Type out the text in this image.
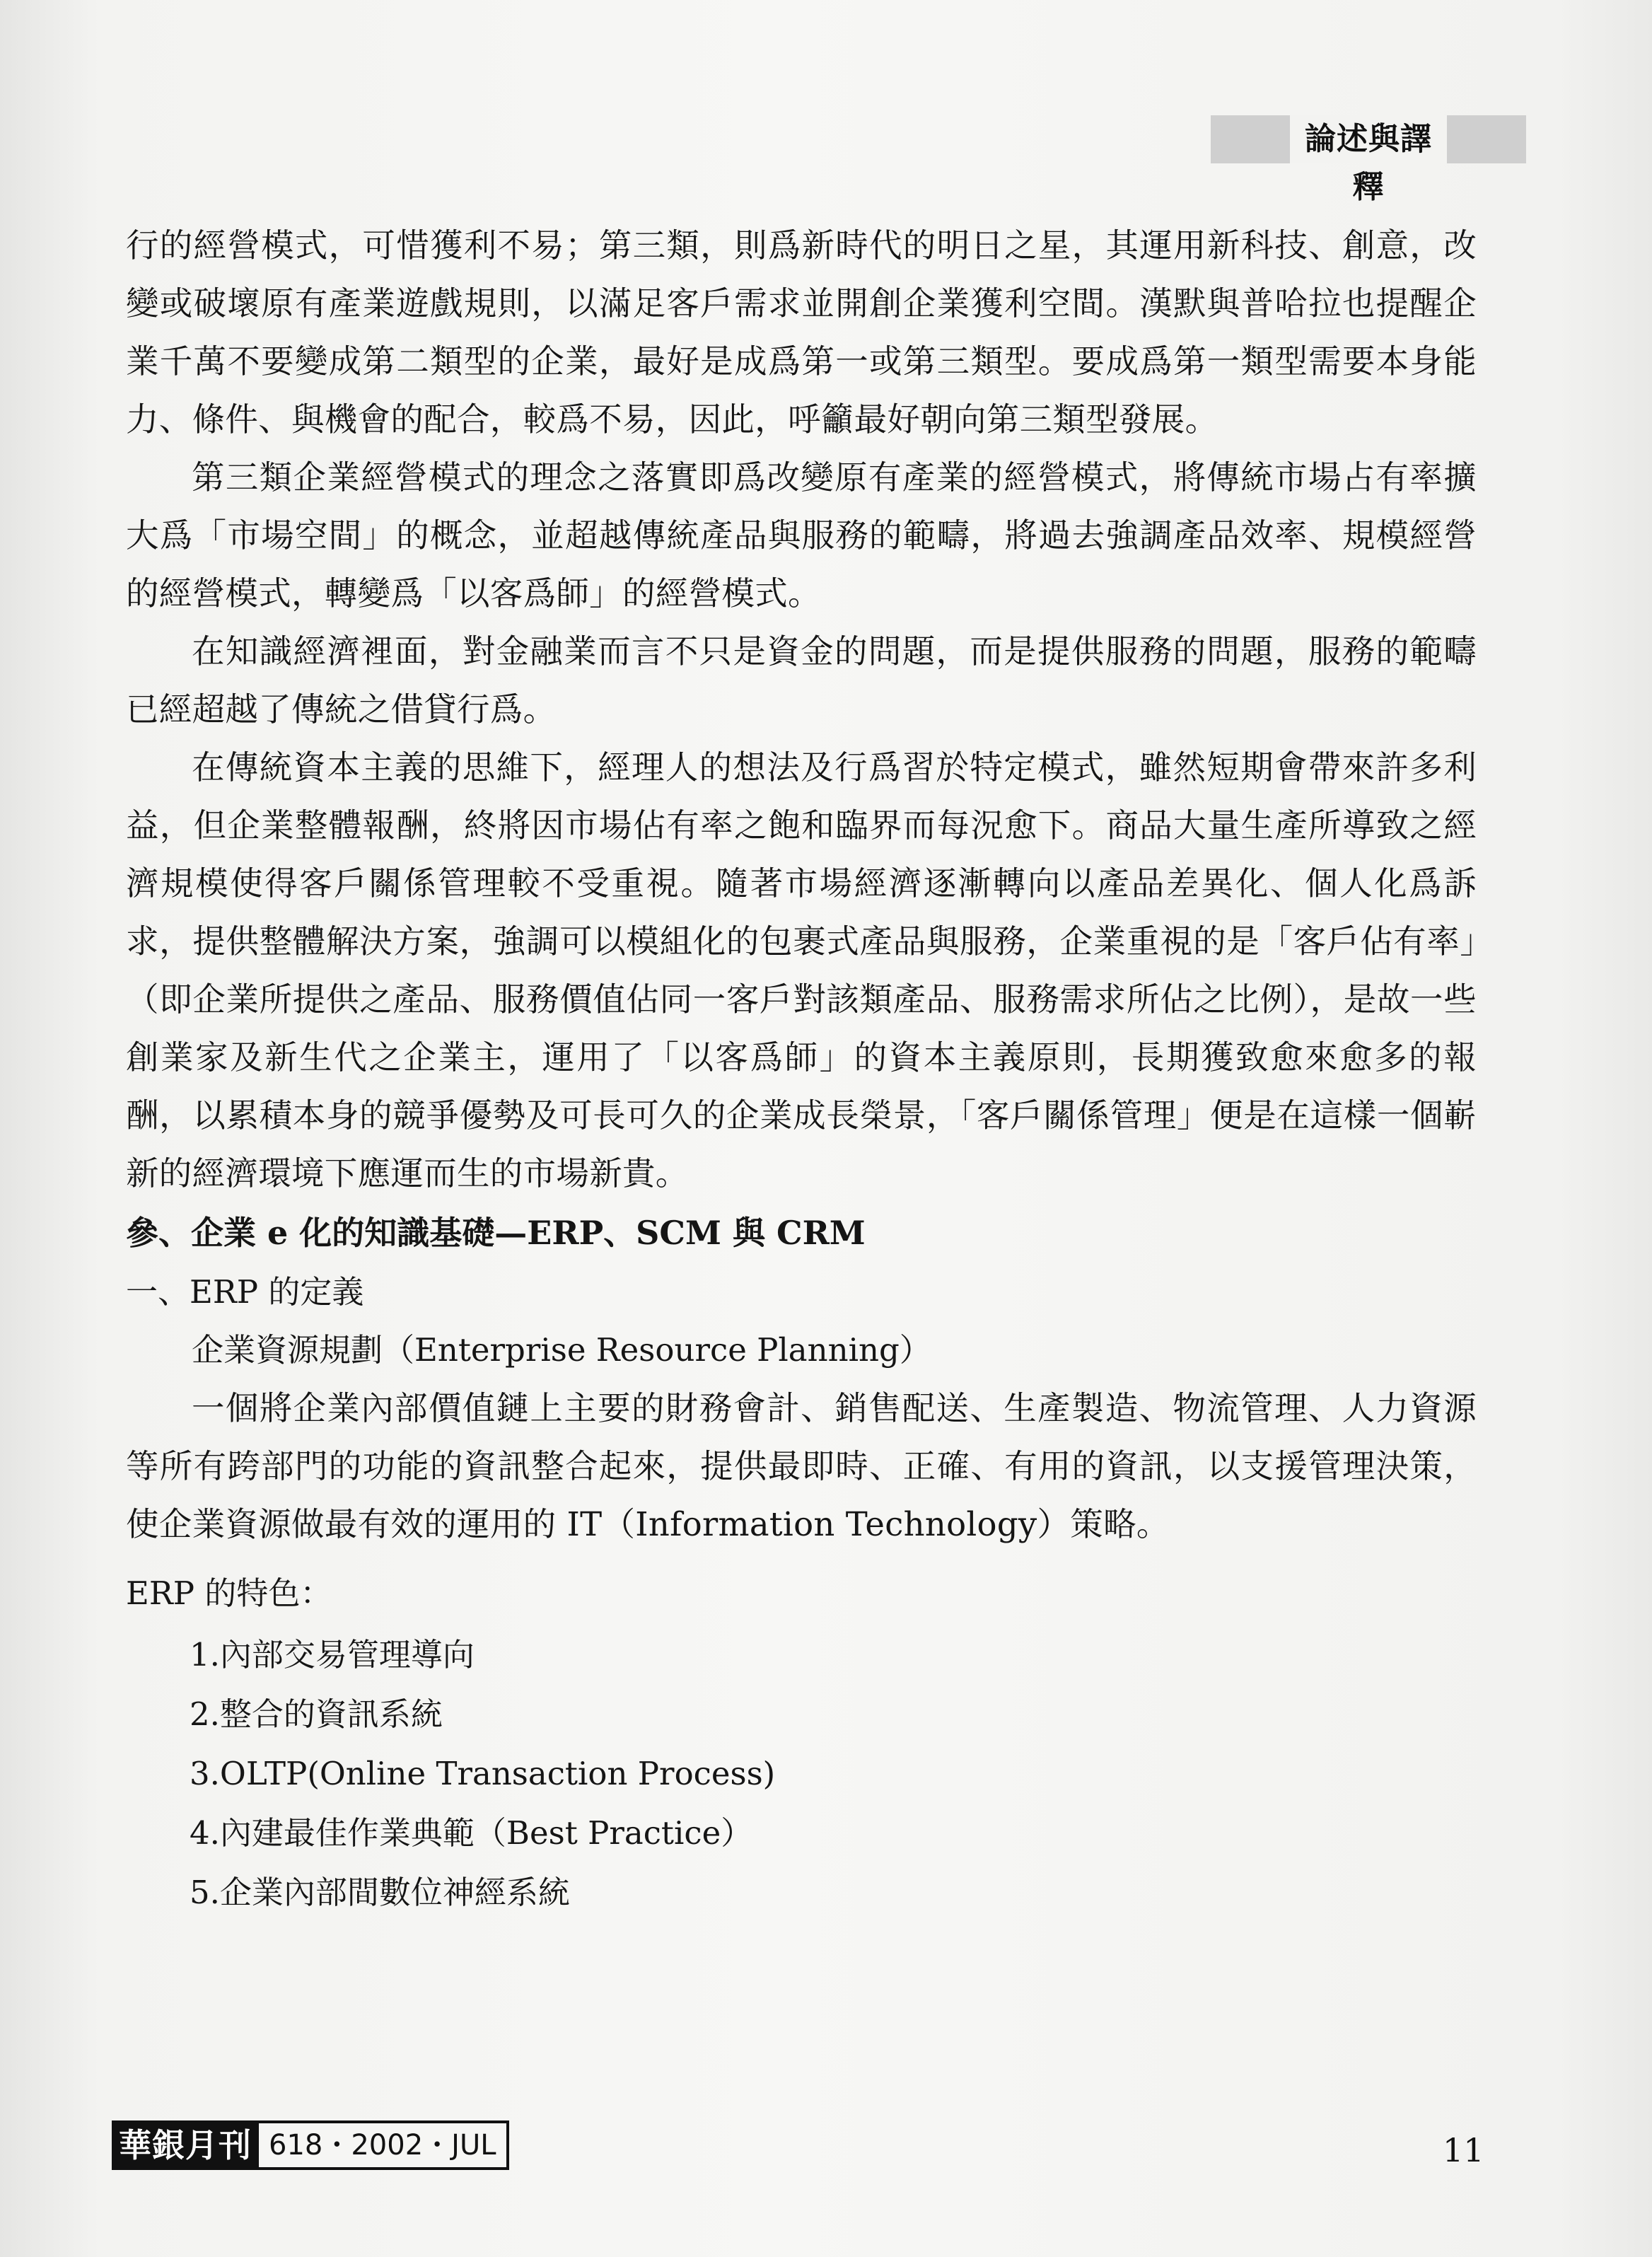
論述與譯釋

行的經營模式，可惜獲利不易；第三類，則爲新時代的明日之星，其運用新科技、創意，改變或破壞原有產業遊戲規則，以滿足客戶需求並開創企業獲利空間。漢默與普哈拉也提醒企業千萬不要變成第二類型的企業，最好是成爲第一或第三類型。要成爲第一類型需要本身能力、條件、與機會的配合，較爲不易，因此，呼籲最好朝向第三類型發展。

第三類企業經營模式的理念之落實即爲改變原有產業的經營模式，將傳統市場占有率擴大爲「市場空間」的概念，並超越傳統產品與服務的範疇，將過去強調產品效率、規模經營的經營模式，轉變爲「以客爲師」的經營模式。

在知識經濟裡面，對金融業而言不只是資金的問題，而是提供服務的問題，服務的範疇已經超越了傳統之借貸行爲。

在傳統資本主義的思維下，經理人的想法及行爲習於特定模式，雖然短期會帶來許多利益，但企業整體報酬，終將因市場佔有率之飽和臨界而每況愈下。商品大量生產所導致之經濟規模使得客戶關係管理較不受重視。隨著市場經濟逐漸轉向以產品差異化、個人化爲訴求，提供整體解決方案，強調可以模組化的包裹式產品與服務，企業重視的是「客戶佔有率」（即企業所提供之產品、服務價值佔同一客戶對該類產品、服務需求所佔之比例），是故一些創業家及新生代之企業主，運用了「以客爲師」的資本主義原則，長期獲致愈來愈多的報酬，以累積本身的競爭優勢及可長可久的企業成長榮景，「客戶關係管理」便是在這樣一個嶄新的經濟環境下應運而生的市場新貴。

參、企業 e 化的知識基礎—ERP、SCM 與 CRM

一、ERP 的定義

企業資源規劃（Enterprise Resource Planning）

一個將企業內部價值鏈上主要的財務會計、銷售配送、生產製造、物流管理、人力資源等所有跨部門的功能的資訊整合起來，提供最即時、正確、有用的資訊，以支援管理決策，使企業資源做最有效的運用的 IT（Information Technology）策略。

ERP 的特色：

1.內部交易管理導向
2.整合的資訊系統
3.OLTP(Online Transaction Process)
4.內建最佳作業典範（Best Practice）
5.企業內部間數位神經系統
華銀月刊 618・2002・JUL	11
